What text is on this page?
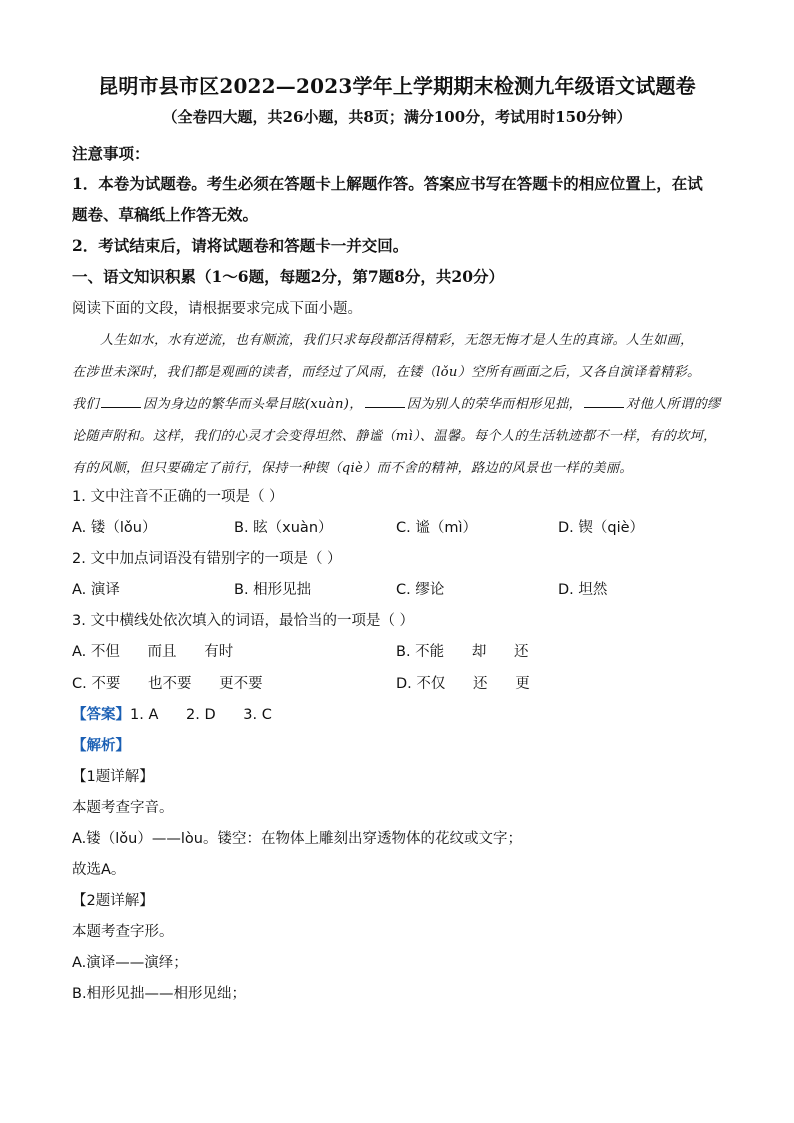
昆明市县市区2022—2023学年上学期期末检测九年级语文试题卷
（全卷四大题，共26小题，共8页；满分100分，考试用时150分钟）
注意事项：
1．本卷为试题卷。考生必须在答题卡上解题作答。答案应书写在答题卡的相应位置上，在试
题卷、草稿纸上作答无效。
2．考试结束后，请将试题卷和答题卡一并交回。
一、语文知识积累（1～6题，每题2分，第7题8分，共20分）
阅读下面的文段，请根据要求完成下面小题。
人生如水，水有逆流，也有顺流，我们只求每段都活得精彩，无怨无悔才是人生的真谛。人生如画，
在涉世未深时，我们都是观画的读者，而经过了风雨，在镂（lǒu）空所有画面之后，又各自演译着精彩。
我们	因为身边的繁华而头晕目眩(xuàn)，	因为别人的荣华而相形见拙，	对他人所谓的缪
论随声附和。这样，我们的心灵才会变得坦然、静谧（mì）、温馨。每个人的生活轨迹都不一样，有的坎坷，
有的风顺，但只要确定了前行，保持一种锲（qiè）而不舍的精神，路边的风景也一样的美丽。
1. 文中注音不正确的一项是（ ）
A. 镂（lǒu）	B. 眩（xuàn）	C. 谧（mì）	D. 锲（qiè）
2. 文中加点词语没有错别字的一项是（ ）
A. 演译	B. 相形见拙	C. 缪论	D. 坦然
3. 文中横线处依次填入的词语，最恰当的一项是（ ）
A. 不但      而且      有时	B. 不能      却      还
C. 不要      也不要      更不要	D. 不仅      还      更
【答案】1. A      2. D      3. C
【解析】
【1题详解】
本题考查字音。
A.镂（lǒu）——lòu。镂空：在物体上雕刻出穿透物体的花纹或文字；
故选A。
【2题详解】
本题考查字形。
A.演译——演绎；
B.相形见拙——相形见绌；
